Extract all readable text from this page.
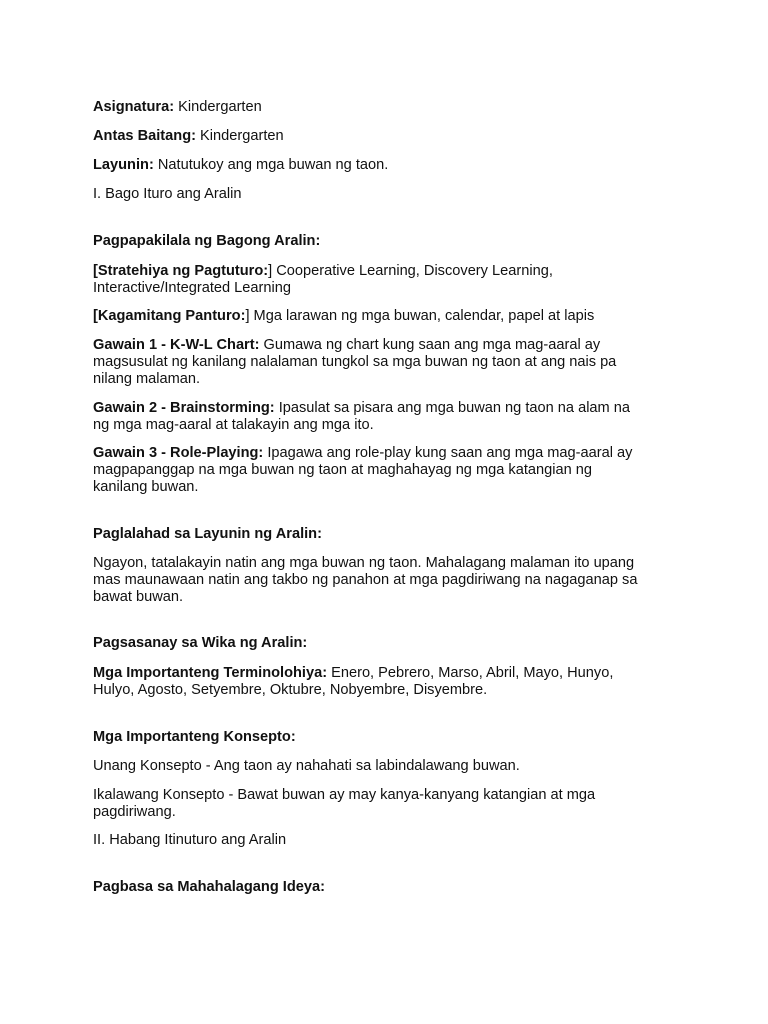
Asignatura: Kindergarten

Antas Baitang: Kindergarten

Layunin: Natutukoy ang mga buwan ng taon.

I. Bago Ituro ang Aralin

Pagpapakilala ng Bagong Aralin:

[Stratehiya ng Pagtuturo:] Cooperative Learning, Discovery Learning,

Interactive/Integrated Learning

[Kagamitang Panturo:] Mga larawan ng mga buwan, calendar, papel at lapis

Gawain 1 - K-W-L Chart: Gumawa ng chart kung saan ang mga mag-aaral ay

magsusulat ng kanilang nalalaman tungkol sa mga buwan ng taon at ang nais pa

nilang malaman.

Gawain 2 - Brainstorming: Ipasulat sa pisara ang mga buwan ng taon na alam na

ng mga mag-aaral at talakayin ang mga ito.

Gawain 3 - Role-Playing: Ipagawa ang role-play kung saan ang mga mag-aaral ay

magpapanggap na mga buwan ng taon at maghahayag ng mga katangian ng

kanilang buwan.

Paglalahad sa Layunin ng Aralin:

Ngayon, tatalakayin natin ang mga buwan ng taon. Mahalagang malaman ito upang

mas maunawaan natin ang takbo ng panahon at mga pagdiriwang na nagaganap sa

bawat buwan.

Pagsasanay sa Wika ng Aralin:

Mga Importanteng Terminolohiya: Enero, Pebrero, Marso, Abril, Mayo, Hunyo,

Hulyo, Agosto, Setyembre, Oktubre, Nobyembre, Disyembre.

Mga Importanteng Konsepto:

Unang Konsepto - Ang taon ay nahahati sa labindalawang buwan.

Ikalawang Konsepto - Bawat buwan ay may kanya-kanyang katangian at mga

pagdiriwang.

II. Habang Itinuturo ang Aralin

Pagbasa sa Mahahalagang Ideya:
